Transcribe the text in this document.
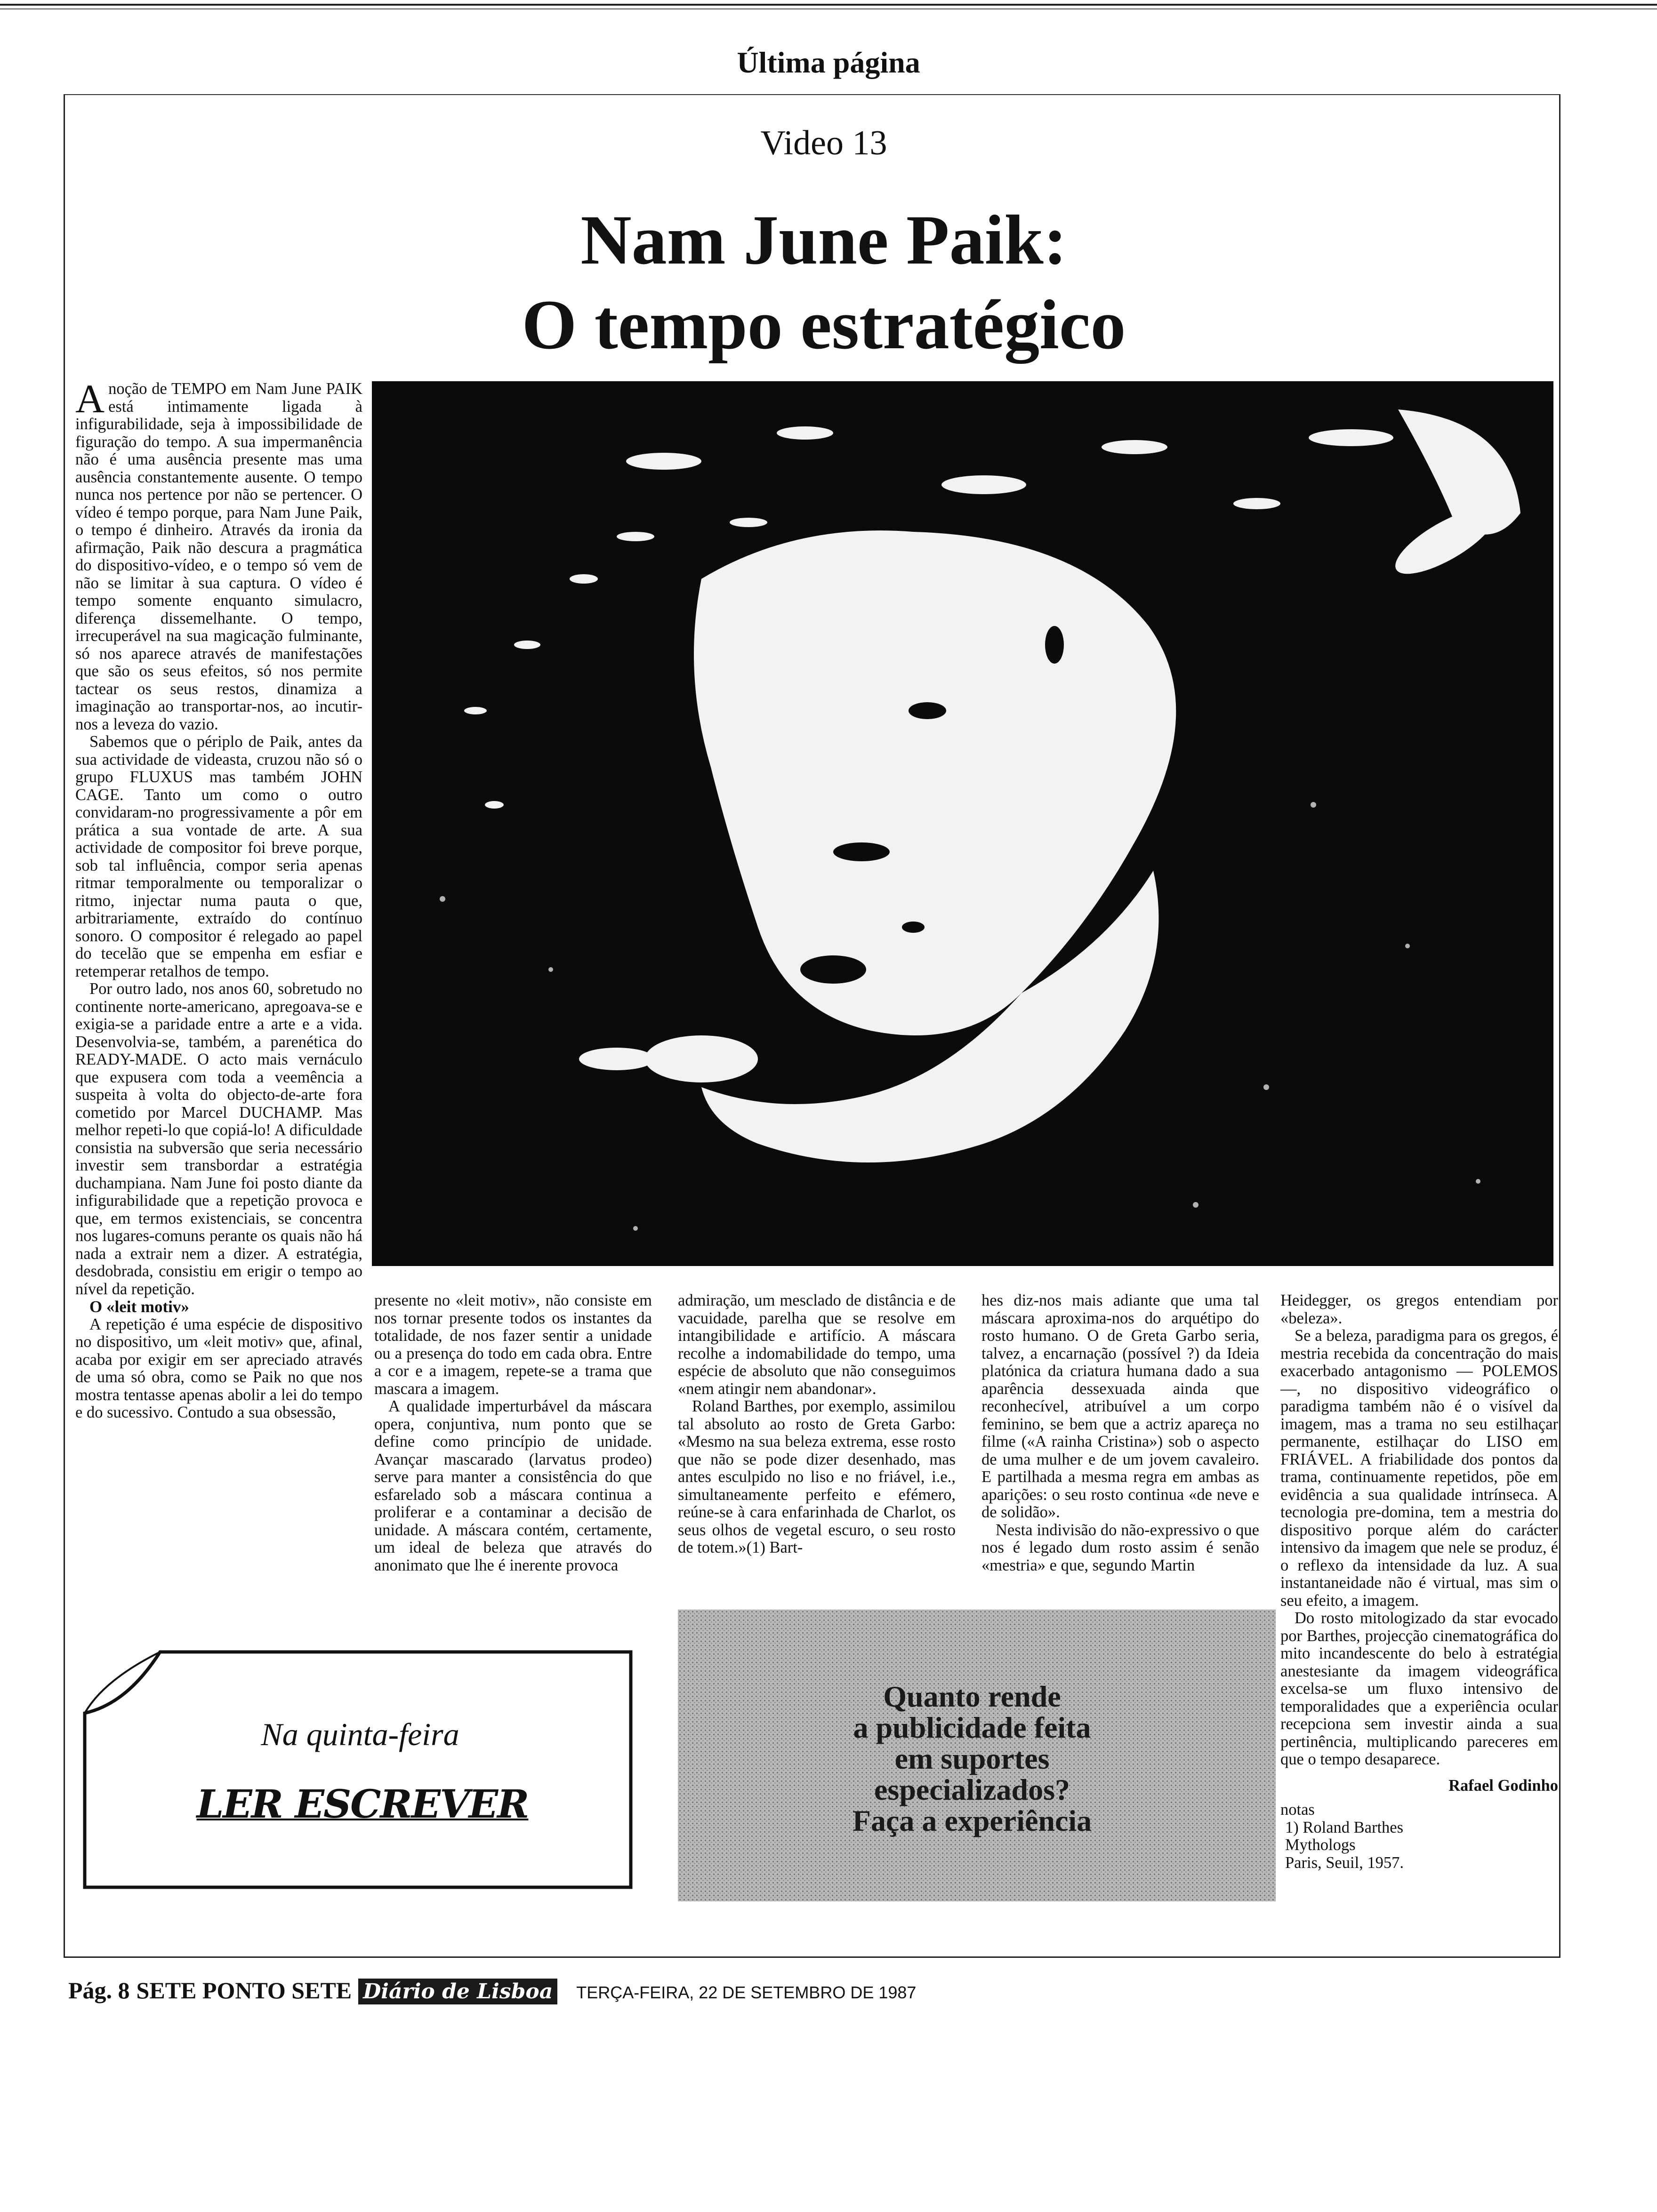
Última página
Video 13
Nam June Paik:
O tempo estratégico

Anoção de TEMPO em Nam June PAIK está intimamente ligada à infigurabilidade, seja à impossibilidade de figuração do tempo. A sua impermanência não é uma ausência presente mas uma ausência constantemente ausente. O tempo nunca nos pertence por não se pertencer. O vídeo é tempo porque, para Nam June Paik, o tempo é dinheiro. Através da ironia da afirmação, Paik não descura a pragmática do dispositivo-vídeo, e o tempo só vem de não se limitar à sua captura. O vídeo é tempo somente enquanto simulacro, diferença dissemelhante. O tempo, irrecuperável na sua magicação fulminante, só nos aparece através de manifestações que são os seus efeitos, só nos permite tactear os seus restos, dinamiza a imaginação ao transportar-nos, ao incutir-nos a leveza do vazio.

Sabemos que o périplo de Paik, antes da sua actividade de videasta, cruzou não só o grupo FLUXUS mas também JOHN CAGE. Tanto um como o outro convidaram-no progressivamente a pôr em prática a sua vontade de arte. A sua actividade de compositor foi breve porque, sob tal influência, compor seria apenas ritmar temporalmente ou temporalizar o ritmo, injectar numa pauta o que, arbitrariamente, extraído do contínuo sonoro. O compositor é relegado ao papel do tecelão que se empenha em esfiar e retemperar retalhos de tempo.

Por outro lado, nos anos 60, sobretudo no continente norte-americano, apregoava-se e exigia-se a paridade entre a arte e a vida. Desenvolvia-se, também, a parenética do READY-MADE. O acto mais vernáculo que expusera com toda a veemência a suspeita à volta do objecto-de-arte fora cometido por Marcel DUCHAMP. Mas melhor repeti-lo que copiá-lo! A dificuldade consistia na subversão que seria necessário investir sem transbordar a estratégia duchampiana. Nam June foi posto diante da infigurabilidade que a repetição provoca e que, em termos existenciais, se concentra nos lugares-comuns perante os quais não há nada a extrair nem a dizer. A estratégia, desdobrada, consistiu em erigir o tempo ao nível da repetição.

O «leit motiv»

A repetição é uma espécie de dispositivo no dispositivo, um «leit motiv» que, afinal, acaba por exigir em ser apreciado através de uma só obra, como se Paik no que nos mostra tentasse apenas abolir a lei do tempo e do sucessivo. Contudo a sua obsessão,

presente no «leit motiv», não consiste em nos tornar presente todos os instantes da totalidade, de nos fazer sentir a unidade ou a presença do todo em cada obra. Entre a cor e a imagem, repete-se a trama que mascara a imagem.

A qualidade imperturbável da máscara opera, conjuntiva, num ponto que se define como princípio de unidade. Avançar mascarado (larvatus prodeo) serve para manter a consistência do que esfarelado sob a máscara continua a proliferar e a contaminar a decisão de unidade. A máscara contém, certamente, um ideal de beleza que através do anonimato que lhe é inerente provoca

admiração, um mesclado de distância e de vacuidade, parelha que se resolve em intangibilidade e artifício. A máscara recolhe a indomabilidade do tempo, uma espécie de absoluto que não conseguimos «nem atingir nem abandonar».

Roland Barthes, por exemplo, assimilou tal absoluto ao rosto de Greta Garbo: «Mesmo na sua beleza extrema, esse rosto que não se pode dizer desenhado, mas antes esculpido no liso e no friável, i.e., simultaneamente perfeito e efémero, reúne-se à cara enfarinhada de Charlot, os seus olhos de vegetal escuro, o seu rosto de totem.»(1) Bart-

hes diz-nos mais adiante que uma tal máscara aproxima-nos do arquétipo do rosto humano. O de Greta Garbo seria, talvez, a encarnação (possível ?) da Ideia platónica da criatura humana dado a sua aparência dessexuada ainda que reconhecível, atribuível a um corpo feminino, se bem que a actriz apareça no filme («A rainha Cristina») sob o aspecto de uma mulher e de um jovem cavaleiro. E partilhada a mesma regra em ambas as aparições: o seu rosto continua «de neve e de solidão».

Nesta indivisão do não-expressivo o que nos é legado dum rosto assim é senão «mestria» e que, segundo Martin

Heidegger, os gregos entendiam por «beleza».

Se a beleza, paradigma para os gregos, é mestria recebida da concentração do mais exacerbado antagonismo — POLEMOS —, no dispositivo videográfico o paradigma também não é o visível da imagem, mas a trama no seu estilhaçar permanente, estilhaçar do LISO em FRIÁVEL. A friabilidade dos pontos da trama, continuamente repetidos, põe em evidência a sua qualidade intrínseca. A tecnologia pre-domina, tem a mestria do dispositivo porque além do carácter intensivo da imagem que nele se produz, é o reflexo da intensidade da luz. A sua instantaneidade não é virtual, mas sim o seu efeito, a imagem.

Do rosto mitologizado da star evocado por Barthes, projecção cinematográfica do mito incandescente do belo à estratégia anestesiante da imagem videográfica excelsa-se um fluxo intensivo de temporalidades que a experiência ocular recepciona sem investir ainda a sua pertinência, multiplicando pareceres em que o tempo desaparece.

Rafael Godinho
notas
1) Roland Barthes
Mythologs
Paris, Seuil, 1957.
Na quinta-feira
LER ESCREVER
Quanto rende
a publicidade feita
em suportes
especializados?
Faça a experiência
Pág. 8 SETE PONTO SETE Diário de Lisboa TERÇA-FEIRA, 22 DE SETEMBRO DE 1987
